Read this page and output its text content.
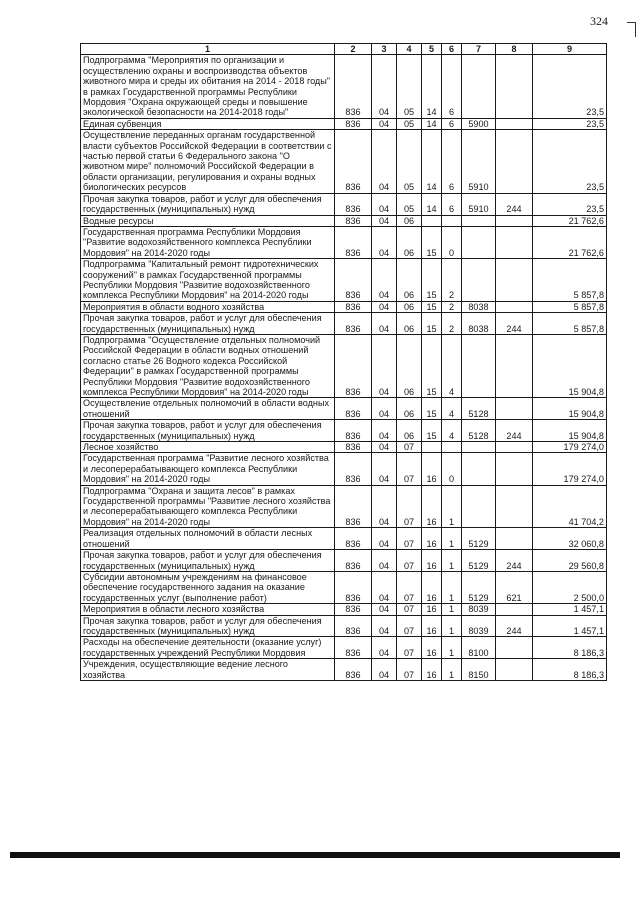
324
1	2	3	4	5	6	7	8	9
Подпрограмма "Мероприятия по организации и осуществлению охраны и воспроизводства объектов животного мира и среды их обитания на 2014 - 2018 годы" в рамках Государственной программы Республики Мордовия "Охрана окружающей среды и повышение экологической безопасности на 2014-2018 годы"	836	04	05	14	6			23,5
Единая субвенция	836	04	05	14	6	5900		23,5
Осуществление переданных органам государственной власти субъектов Российской Федерации в соответствии с частью первой статьи 6 Федерального закона "О животном мире" полномочий Российской Федерации в области организации, регулирования и охраны водных биологических ресурсов	836	04	05	14	6	5910		23,5
Прочая закупка товаров, работ и услуг для обеспечения государственных (муниципальных) нужд	836	04	05	14	6	5910	244	23,5
Водные ресурсы	836	04	06					21 762,6
Государственная программа Республики Мордовия "Развитие водохозяйственного комплекса Республики Мордовия" на 2014-2020 годы	836	04	06	15	0			21 762,6
Подпрограмма "Капитальный ремонт гидротехнических сооружений" в рамках Государственной программы Республики Мордовия "Развитие водохозяйственного комплекса Республики Мордовия" на 2014-2020 годы	836	04	06	15	2			5 857,8
Мероприятия в области водного хозяйства	836	04	06	15	2	8038		5 857,8
Прочая закупка товаров, работ и услуг для обеспечения государственных (муниципальных) нужд	836	04	06	15	2	8038	244	5 857,8
Подпрограмма "Осуществление отдельных полномочий Российской Федерации в области водных отношений согласно статье 26 Водного кодекса Российской Федерации" в рамках Государственной программы Республики Мордовия "Развитие водохозяйственного комплекса Республики Мордовия" на 2014-2020 годы	836	04	06	15	4			15 904,8
Осуществление отдельных полномочий в области водных отношений	836	04	06	15	4	5128		15 904,8
Прочая закупка товаров, работ и услуг для обеспечения государственных (муниципальных) нужд	836	04	06	15	4	5128	244	15 904,8
Лесное хозяйство	836	04	07					179 274,0
Государственная программа "Развитие лесного хозяйства и лесоперерабатывающего комплекса Республики Мордовия" на 2014-2020 годы	836	04	07	16	0			179 274,0
Подпрограмма "Охрана и защита лесов" в рамках Государственной программы "Развитие лесного хозяйства и лесоперерабатывающего комплекса Республики Мордовия" на 2014-2020 годы	836	04	07	16	1			41 704,2
Реализация отдельных полномочий в области лесных отношений	836	04	07	16	1	5129		32 060,8
Прочая закупка товаров, работ и услуг для обеспечения государственных (муниципальных) нужд	836	04	07	16	1	5129	244	29 560,8
Субсидии автономным учреждениям на финансовое обеспечение государственного задания на оказание государственных услуг (выполнение работ)	836	04	07	16	1	5129	621	2 500,0
Мероприятия в области лесного хозяйства	836	04	07	16	1	8039		1 457,1
Прочая закупка товаров, работ и услуг для обеспечения государственных (муниципальных) нужд	836	04	07	16	1	8039	244	1 457,1
Расходы на обеспечение деятельности (оказание услуг) государственных учреждений Республики Мордовия	836	04	07	16	1	8100		8 186,3
Учреждения, осуществляющие ведение лесного хозяйства	836	04	07	16	1	8150		8 186,3
